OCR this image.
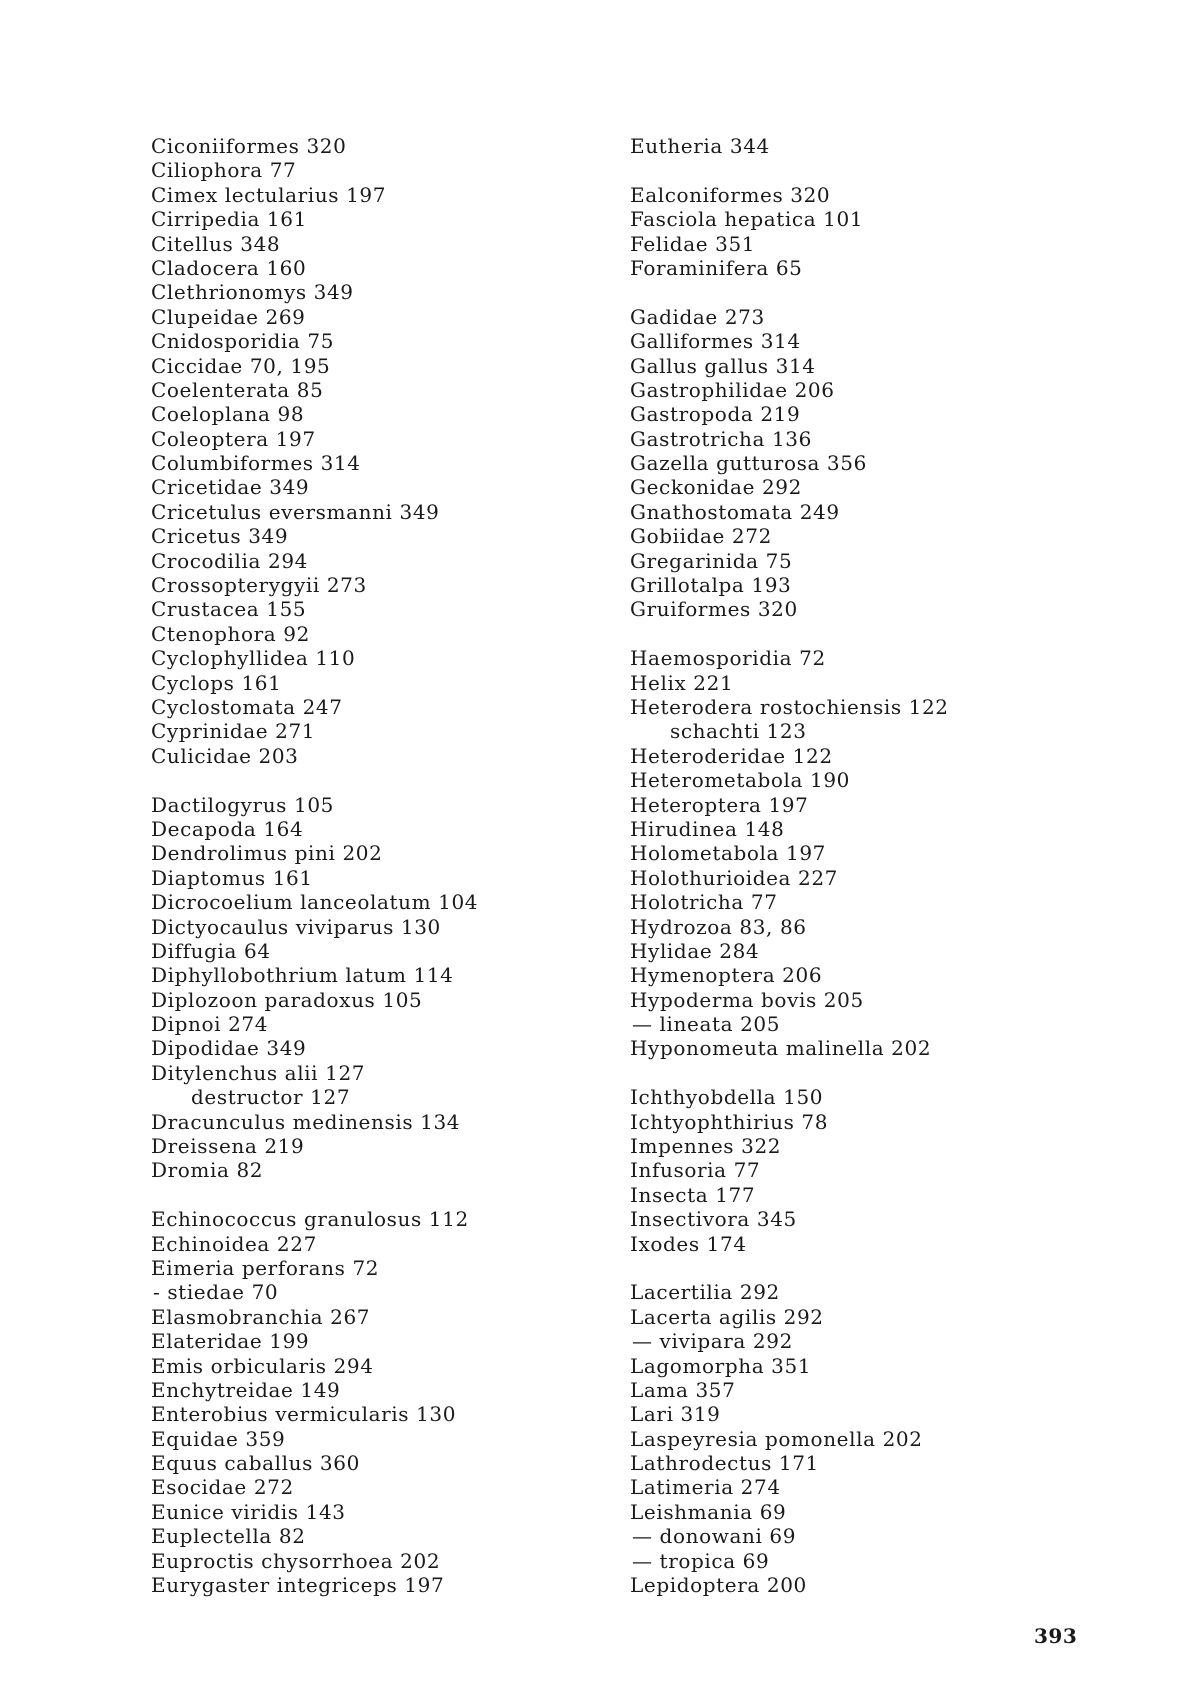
Ciconiiformes 320
Ciliophora 77
Cimex lectularius 197
Cirripedia 161
Citellus 348
Cladocera 160
Clethrionomys 349
Clupeidae 269
Cnidosporidia 75
Ciccidae 70, 195
Coelenterata 85
Coeloplana 98
Coleoptera 197
Columbiformes 314
Cricetidae 349
Cricetulus eversmanni 349
Cricetus 349
Crocodilia 294
Crossopterygyii 273
Crustacea 155
Ctenophora 92
Cyclophyllidea 110
Cyclops 161
Cyclostomata 247
Cyprinidae 271
Culicidae 203
Dactilogyrus 105
Decapoda 164
Dendrolimus pini 202
Diaptomus 161
Dicrocoelium lanceolatum 104
Dictyocaulus viviparus 130
Diffugia 64
Diphyllobothrium latum 114
Diplozoon paradoxus 105
Dipnoi 274
Dipodidae 349
Ditylenchus alii 127
destructor 127
Dracunculus medinensis 134
Dreissena 219
Dromia 82
Echinococcus granulosus 112
Echinoidea 227
Eimeria perforans 72
- stiedae 70
Elasmobranchia 267
Elateridae 199
Emis orbicularis 294
Enchytreidae 149
Enterobius vermicularis 130
Equidae 359
Equus caballus 360
Esocidae 272
Eunice viridis 143
Euplectella 82
Euproctis chysorrhoea 202
Eurygaster integriceps 197
Eutheria 344
Ealconiformes 320
Fasciola hepatica 101
Felidae 351
Foraminifera 65
Gadidae 273
Galliformes 314
Gallus gallus 314
Gastrophilidae 206
Gastropoda 219
Gastrotricha 136
Gazella gutturosa 356
Geckonidae 292
Gnathostomata 249
Gobiidae 272
Gregarinida 75
Grillotalpa 193
Gruiformes 320
Haemosporidia 72
Helix 221
Heterodera rostochiensis 122
schachti 123
Heteroderidae 122
Heterometabola 190
Heteroptera 197
Hirudinea 148
Holometabola 197
Holothurioidea 227
Holotricha 77
Hydrozoa 83, 86
Hylidae 284
Hymenoptera 206
Hypoderma bovis 205
— lineata 205
Hyponomeuta malinella 202
Ichthyobdella 150
Ichtyophthirius 78
Impennes 322
Infusoria 77
Insecta 177
Insectivora 345
Ixodes 174
Lacertilia 292
Lacerta agilis 292
— vivipara 292
Lagomorpha 351
Lama 357
Lari 319
Laspeyresia pomonella 202
Lathrodectus 171
Latimeria 274
Leishmania 69
— donowani 69
— tropica 69
Lepidoptera 200
393
